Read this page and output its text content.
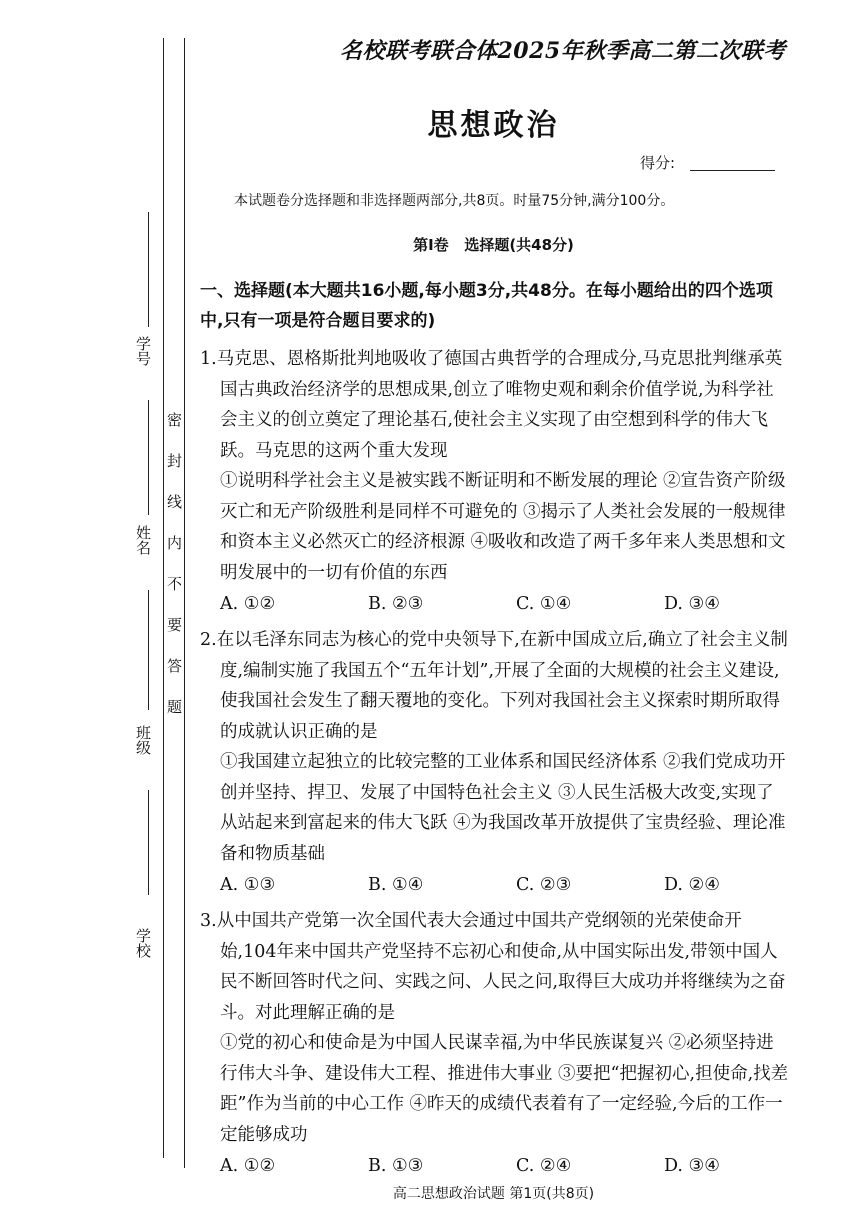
学号
姓名
班级
学校
密封线内不要答题
名校联考联合体2025年秋季高二第二次联考
思想政治
得分:
本试题卷分选择题和非选择题两部分,共8页。时量75分钟,满分100分。
第Ⅰ卷   选择题(共48分)

一、选择题(本大题共16小题,每小题3分,共48分。在每小题给出的四个选项中,只有一项是符合题目要求的)

1.马克思、恩格斯批判地吸收了德国古典哲学的合理成分,马克思批判继承英国古典政治经济学的思想成果,创立了唯物史观和剩余价值学说,为科学社会主义的创立奠定了理论基石,使社会主义实现了由空想到科学的伟大飞跃。马克思的这两个重大发现

①说明科学社会主义是被实践不断证明和不断发展的理论 ②宣告资产阶级灭亡和无产阶级胜利是同样不可避免的 ③揭示了人类社会发展的一般规律和资本主义必然灭亡的经济根源 ④吸收和改造了两千多年来人类思想和文明发展中的一切有价值的东西

A. ①②	B. ②③	C. ①④	D. ③④

2.在以毛泽东同志为核心的党中央领导下,在新中国成立后,确立了社会主义制度,编制实施了我国五个“五年计划”,开展了全面的大规模的社会主义建设,使我国社会发生了翻天覆地的变化。下列对我国社会主义探索时期所取得的成就认识正确的是

①我国建立起独立的比较完整的工业体系和国民经济体系 ②我们党成功开创并坚持、捍卫、发展了中国特色社会主义 ③人民生活极大改变,实现了从站起来到富起来的伟大飞跃 ④为我国改革开放提供了宝贵经验、理论准备和物质基础

A. ①③	B. ①④	C. ②③	D. ②④

3.从中国共产党第一次全国代表大会通过中国共产党纲领的光荣使命开始,104年来中国共产党坚持不忘初心和使命,从中国实际出发,带领中国人民不断回答时代之问、实践之问、人民之问,取得巨大成功并将继续为之奋斗。对此理解正确的是

①党的初心和使命是为中国人民谋幸福,为中华民族谋复兴 ②必须坚持进行伟大斗争、建设伟大工程、推进伟大事业 ③要把“把握初心,担使命,找差距”作为当前的中心工作 ④昨天的成绩代表着有了一定经验,今后的工作一定能够成功

A. ①②	B. ①③	C. ②④	D. ③④
高二思想政治试题 第1页(共8页)
